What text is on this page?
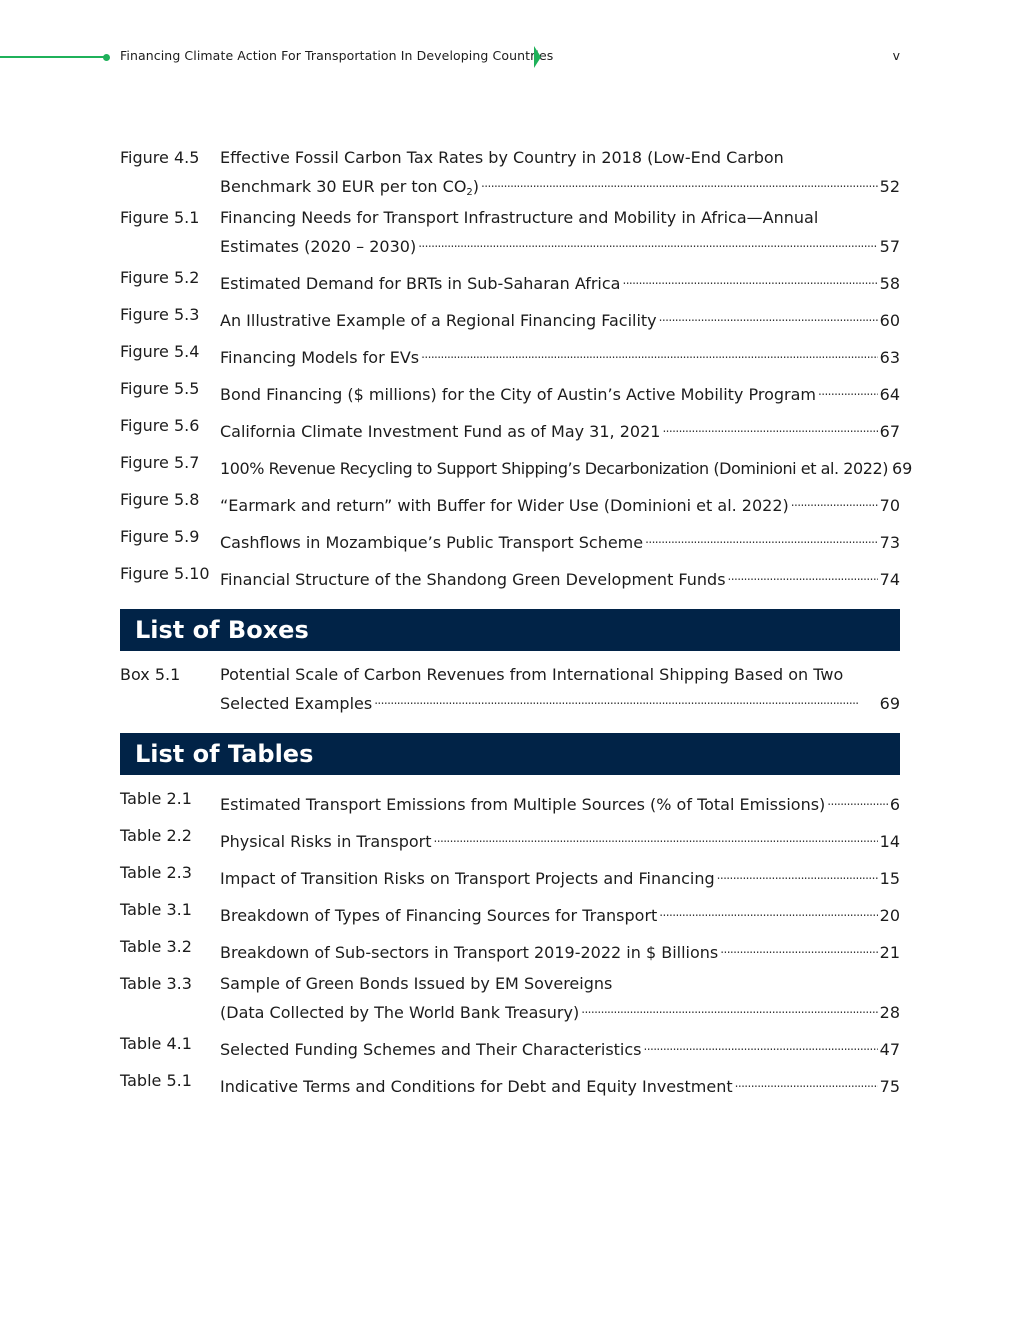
Financing Climate Action For Transportation In Developing Countries	v
Figure 4.5	Effective Fossil Carbon Tax Rates by Country in 2018 (Low-End Carbon
Benchmark 30 EUR per ton $CO_2$) . . .	52
Figure 5.1	Financing Needs for Transport Infrastructure and Mobility in Africa—Annual
Estimates (2020 – 2030) . . .	57
Figure 5.2	Estimated Demand for BRTs in Sub-Saharan Africa . . .	58
Figure 5.3	An Illustrative Example of a Regional Financing Facility . . .	60
Figure 5.4	Financing Models for EVs . . .	63
Figure 5.5	Bond Financing ($ millions) for the City of Austin’s Active Mobility Program . . .	64
Figure 5.6	California Climate Investment Fund as of May 31, 2021 . . .	67
Figure 5.7	100% Revenue Recycling to Support Shipping’s Decarbonization (Dominioni et al. 2022) 69
Figure 5.8	“Earmark and return” with Buffer for Wider Use (Dominioni et al. 2022) . . .	70
Figure 5.9	Cashflows in Mozambique’s Public Transport Scheme . . .	73
Figure 5.10 Financial Structure of the Shandong Green Development Funds . . .	74
List of Boxes
Box 5.1	Potential Scale of Carbon Revenues from International Shipping Based on Two
Selected Examples . . .	69
List of Tables
Table 2.1	Estimated Transport Emissions from Multiple Sources (% of Total Emissions) . . .	6
Table 2.2	Physical Risks in Transport . . .	14
Table 2.3	Impact of Transition Risks on Transport Projects and Financing . . .	15
Table 3.1	Breakdown of Types of Financing Sources for Transport . . .	20
Table 3.2	Breakdown of Sub-sectors in Transport 2019-2022 in $ Billions . . .	21
Table 3.3	Sample of Green Bonds Issued by EM Sovereigns
(Data Collected by The World Bank Treasury) . . .	28
Table 4.1	Selected Funding Schemes and Their Characteristics . . .	47
Table 5.1	Indicative Terms and Conditions for Debt and Equity Investment . . .	75
